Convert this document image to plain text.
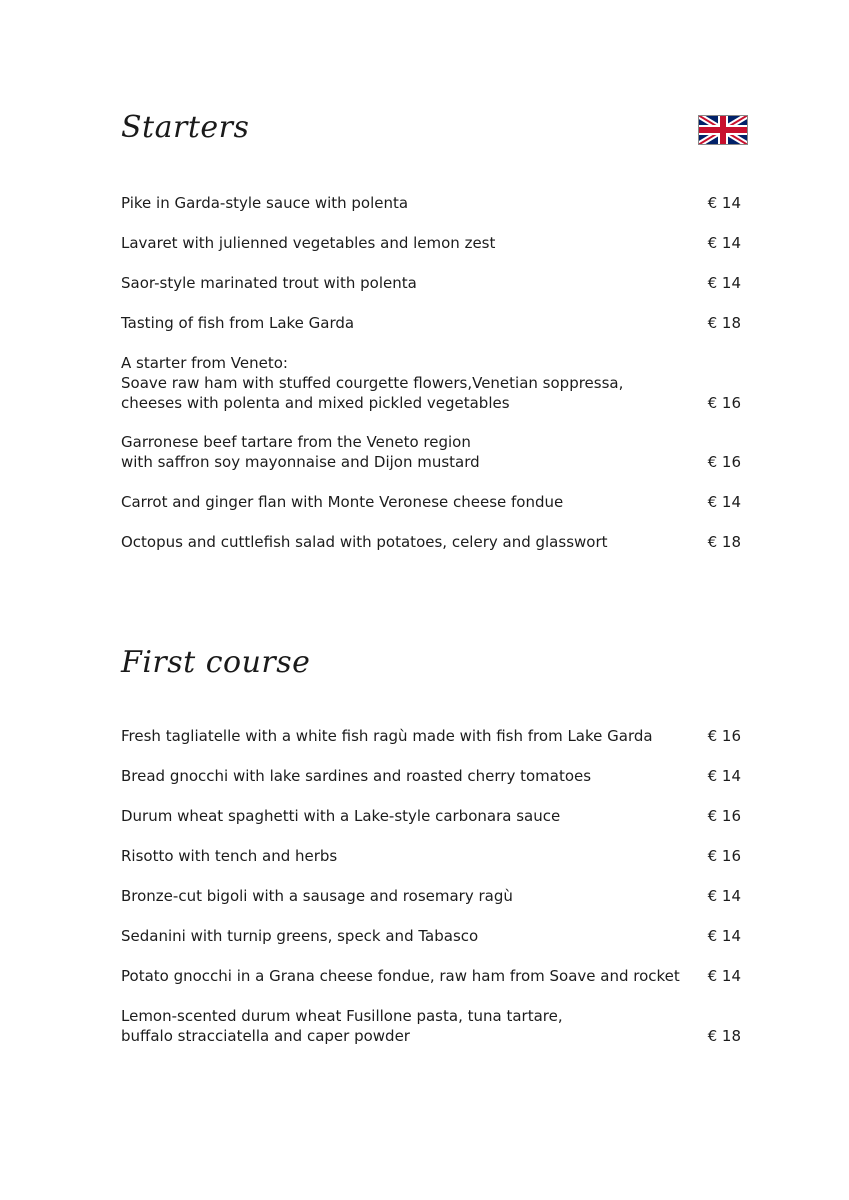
Starters
Pike in Garda-style sauce with polenta	€ 14
Lavaret with julienned vegetables and lemon zest	€ 14
Saor-style marinated trout with polenta	€ 14
Tasting of fish from Lake Garda	€ 18
A starter from Veneto:
Soave raw ham with stuffed courgette flowers,Venetian soppressa,
cheeses with polenta and mixed pickled vegetables	€ 16
Garronese beef tartare from the Veneto region
with saffron soy mayonnaise and Dijon mustard	€ 16
Carrot and ginger flan with Monte Veronese cheese fondue	€ 14
Octopus and cuttlefish salad with potatoes, celery and glasswort	€ 18
First course
Fresh tagliatelle with a white fish ragù made with fish from Lake Garda	€ 16
Bread gnocchi with lake sardines and roasted cherry tomatoes	€ 14
Durum wheat spaghetti with a Lake-style carbonara sauce	€ 16
Risotto with tench and herbs	€ 16
Bronze-cut bigoli with a sausage and rosemary ragù	€ 14
Sedanini with turnip greens, speck and Tabasco	€ 14
Potato gnocchi in a Grana cheese fondue, raw ham from Soave and rocket	€ 14
Lemon-scented durum wheat Fusillone pasta, tuna tartare,
buffalo stracciatella and caper powder	€ 18
